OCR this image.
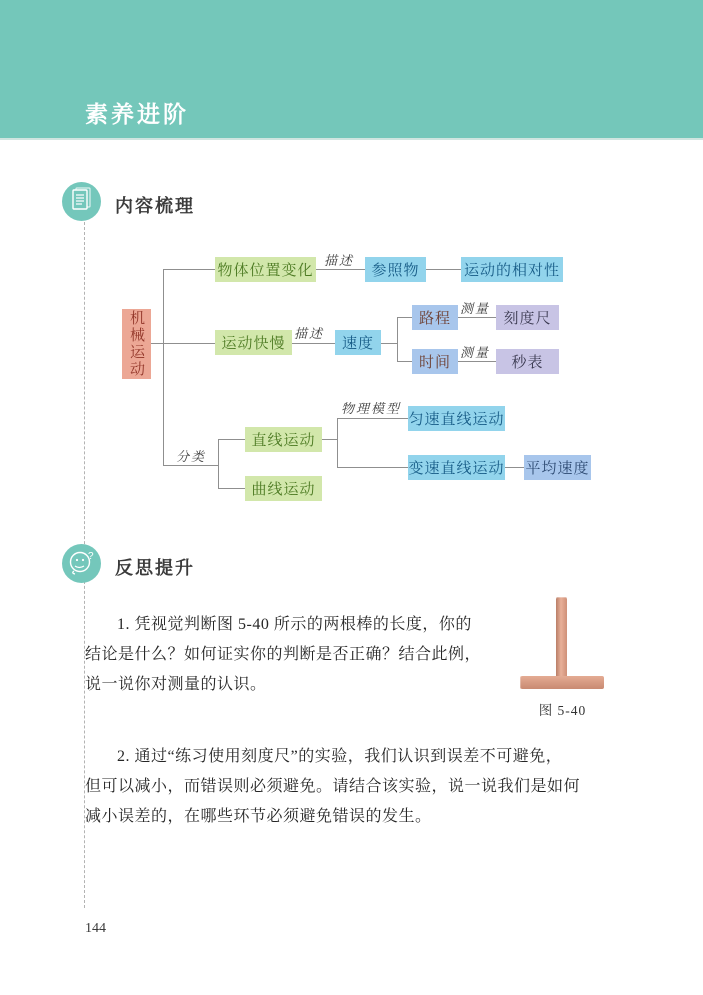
素养进阶
内容梳理
描述
描述
测量
测量
分类
物理模型
机械运动
物体位置变化	参照物	运动的相对性
运动快慢	速度
路程	刻度尺
时间	秒表
直线运动
曲线运动
匀速直线运动
变速直线运动 平均速度
?
反思提升
1. 凭视觉判断图 5-40 所示的两根棒的长度，你的
结论是什么？如何证实你的判断是否正确？结合此例，
说一说你对测量的认识。
图 5-40
2. 通过“练习使用刻度尺”的实验，我们认识到误差不可避免，
但可以减小，而错误则必须避免。请结合该实验，说一说我们是如何
减小误差的，在哪些环节必须避免错误的发生。
144
